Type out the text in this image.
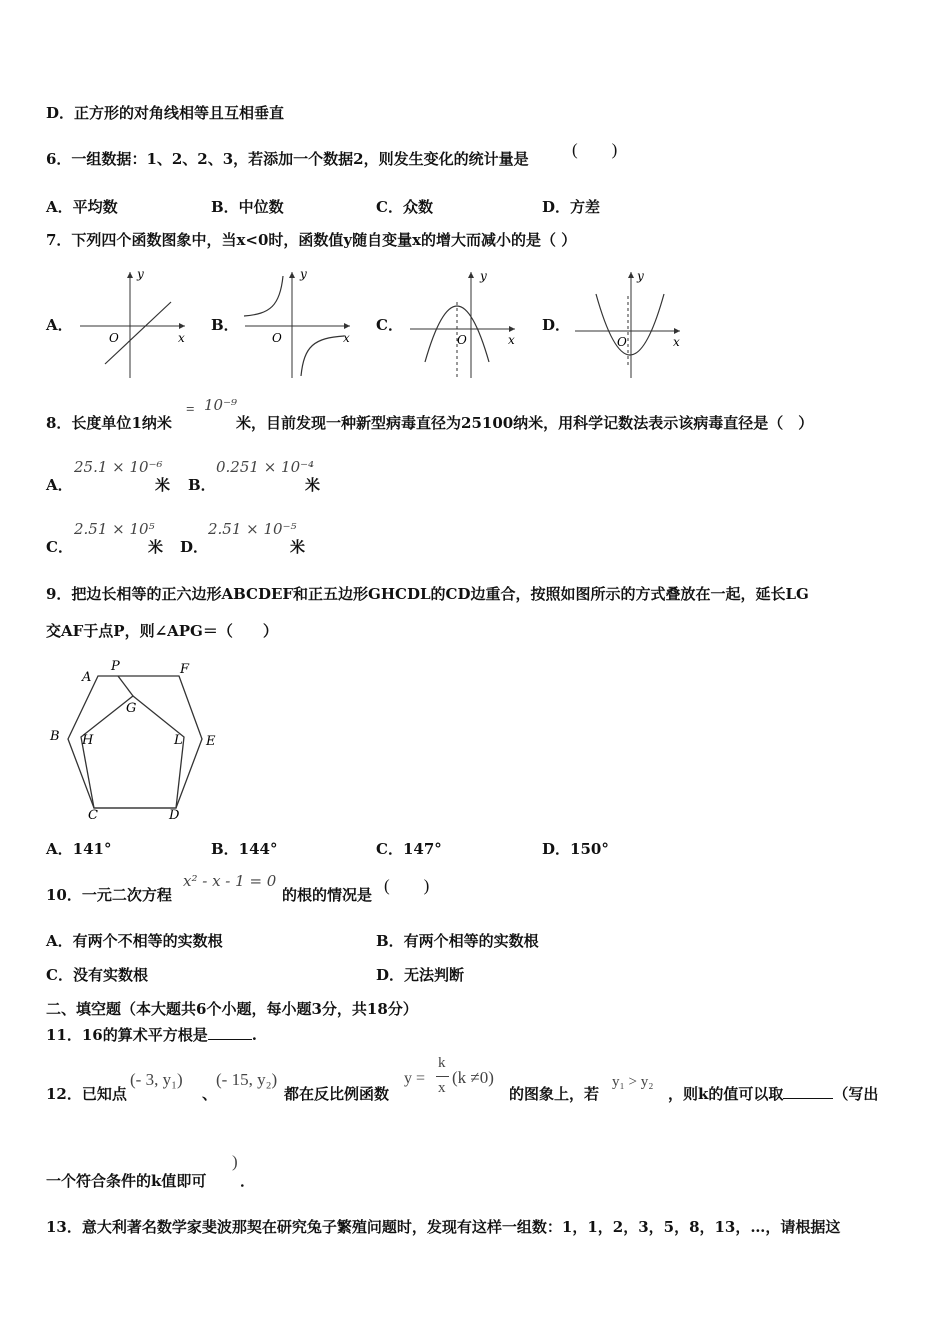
D．正方形的对角线相等且互相垂直
6．一组数据：1、2、2、3，若添加一个数据2，则发生变化的统计量是	(　　)
A．平均数	B．中位数	C．众数	D．方差
7．下列四个函数图象中，当x<0时，函数值y随自变量x的增大而减小的是（ ）
A．	B．	C．	D．
y
x
O
y
x
O
y
x
O
y
x
O
8．长度单位1纳米
= 10⁻⁹
米，目前发现一种新型病毒直径为25100纳米，用科学记数法表示该病毒直径是（　）
A．
25.1 × 10⁻⁶
米 B．
0.251 × 10⁻⁴
米
C．
2.51 × 10⁵
米 D．
2.51 × 10⁻⁵
米
9．把边长相等的正六边形ABCDEF和正五边形GHCDL的CD边重合，按照如图所示的方式叠放在一起，延长LG
交AF于点P，则∠APG＝（　　）
A
P	F
G
B H	L E
C	D
A．141°	B．144°	C．147°	D．150°
10．一元二次方程
x² - x - 1 = 0
的根的情况是 (　　)
A．有两个不相等的实数根	B．有两个相等的实数根
C．没有实数根	D．无法判断
二、填空题（本大题共6个小题，每小题3分，共18分）
11．16的算术平方根是	.
12．已知点
(- 3, y₁)
、
(- 15, y₂)
都在反比例函数
y =
k
x
(k ≠0)
的图象上，若
y₁ > y₂
，则k的值可以取	（写出
一个符合条件的k值即可
)
．
13．意大利著名数学家斐波那契在研究兔子繁殖问题时，发现有这样一组数：1，1，2，3，5，8，13，…，请根据这
